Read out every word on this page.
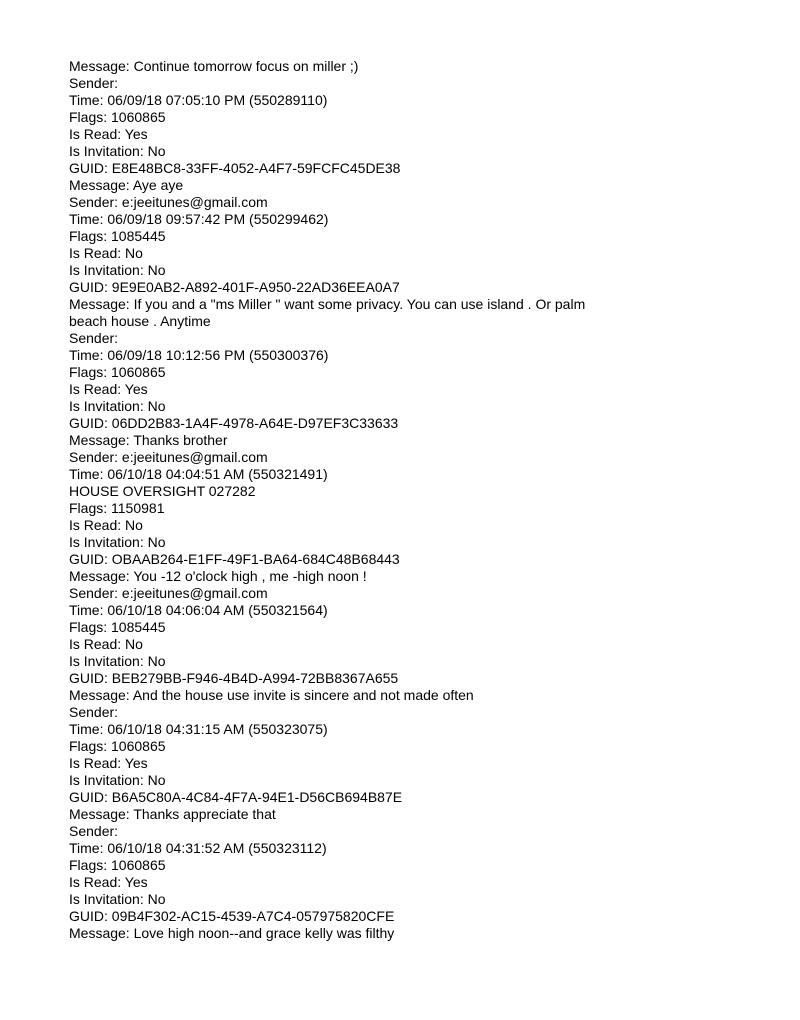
Message: Continue tomorrow focus on miller ;)

Sender:

Time: 06/09/18 07:05:10 PM (550289110)

Flags: 1060865

Is Read: Yes

Is Invitation: No

GUID: E8E48BC8-33FF-4052-A4F7-59FCFC45DE38

Message: Aye aye

Sender: e:jeeitunes@gmail.com

Time: 06/09/18 09:57:42 PM (550299462)

Flags: 1085445

Is Read: No

Is Invitation: No

GUID: 9E9E0AB2-A892-401F-A950-22AD36EEA0A7

Message: If you and a "ms Miller " want some privacy. You can use island . Or palm

beach house . Anytime

Sender:

Time: 06/09/18 10:12:56 PM (550300376)

Flags: 1060865

Is Read: Yes

Is Invitation: No

GUID: 06DD2B83-1A4F-4978-A64E-D97EF3C33633

Message: Thanks brother

Sender: e:jeeitunes@gmail.com

Time: 06/10/18 04:04:51 AM (550321491)

HOUSE OVERSIGHT 027282

Flags: 1150981

Is Read: No

Is Invitation: No

GUID: OBAAB264-E1FF-49F1-BA64-684C48B68443

Message: You -12 o'clock high , me -high noon !

Sender: e:jeeitunes@gmail.com

Time: 06/10/18 04:06:04 AM (550321564)

Flags: 1085445

Is Read: No

Is Invitation: No

GUID: BEB279BB-F946-4B4D-A994-72BB8367A655

Message: And the house use invite is sincere and not made often

Sender:

Time: 06/10/18 04:31:15 AM (550323075)

Flags: 1060865

Is Read: Yes

Is Invitation: No

GUID: B6A5C80A-4C84-4F7A-94E1-D56CB694B87E

Message: Thanks appreciate that

Sender:

Time: 06/10/18 04:31:52 AM (550323112)

Flags: 1060865

Is Read: Yes

Is Invitation: No

GUID: 09B4F302-AC15-4539-A7C4-057975820CFE

Message: Love high noon--and grace kelly was filthy
